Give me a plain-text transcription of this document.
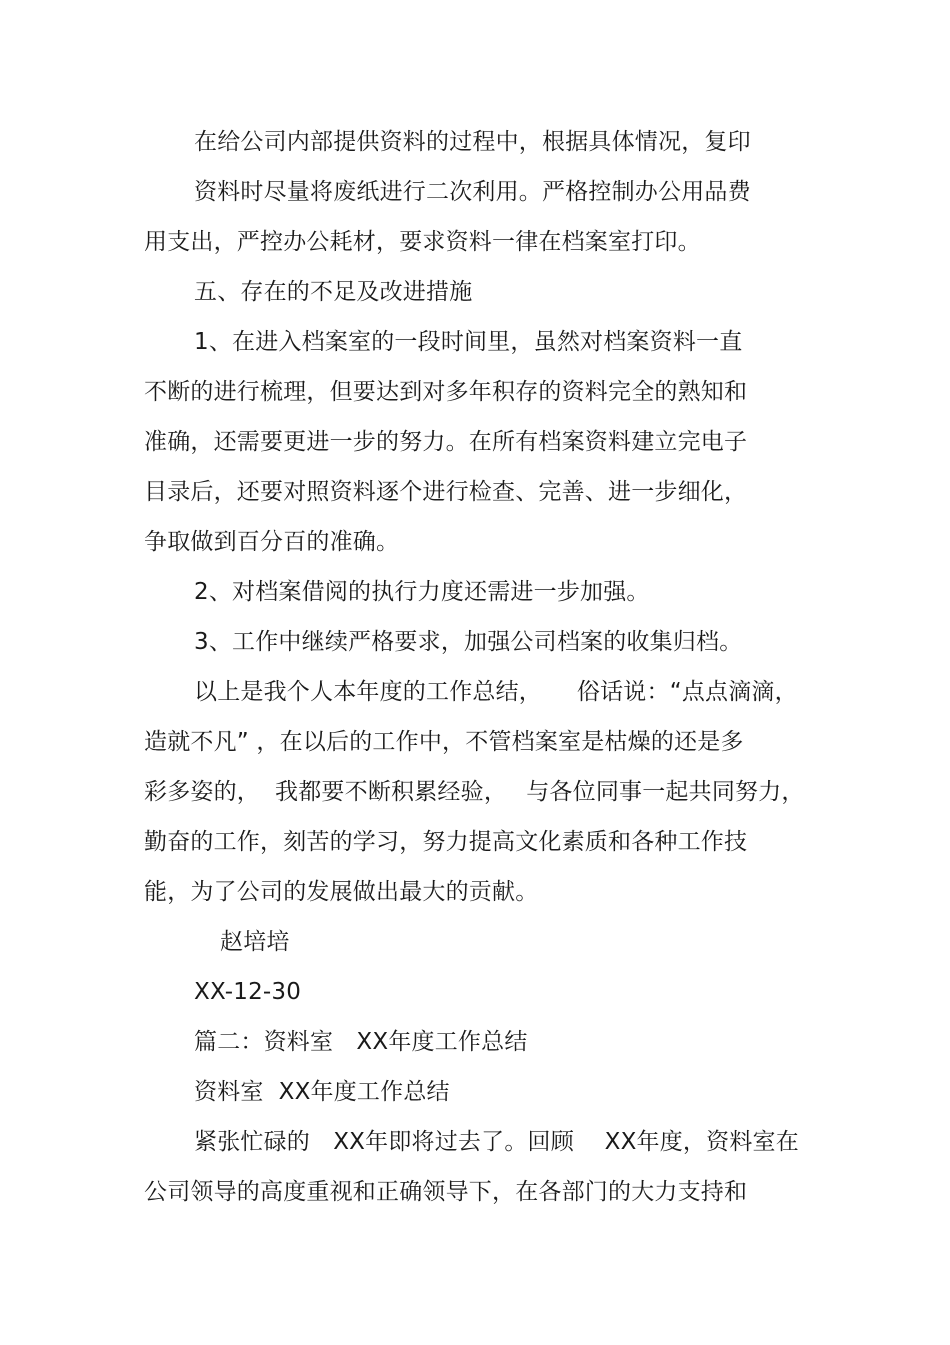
在给公司内部提供资料的过程中，根据具体情况，复印
资料时尽量将废纸进行二次利用。严格控制办公用品费
用支出，严控办公耗材，要求资料一律在档案室打印。
五、存在的不足及改进措施
1、在进入档案室的一段时间里，虽然对档案资料一直
不断的进行梳理，但要达到对多年积存的资料完全的熟知和
准确，还需要更进一步的努力。在所有档案资料建立完电子
目录后，还要对照资料逐个进行检查、完善、进一步细化，
争取做到百分百的准确。
2、对档案借阅的执行力度还需进一步加强。
3、工作中继续严格要求，加强公司档案的收集归档。
以上是我个人本年度的工作总结，　　俗话说：“点点滴滴，
造就不凡” ，在以后的工作中，不管档案室是枯燥的还是多
彩多姿的，  我都要不断积累经验，　 与各位同事一起共同努力，
勤奋的工作，刻苦的学习，努力提高文化素质和各种工作技
能，为了公司的发展做出最大的贡献。
赵培培
XX-12-30
篇二：资料室　XX年度工作总结
资料室  XX年度工作总结
紧张忙碌的　XX年即将过去了。回顾　 XX年度，资料室在
公司领导的高度重视和正确领导下，在各部门的大力支持和
